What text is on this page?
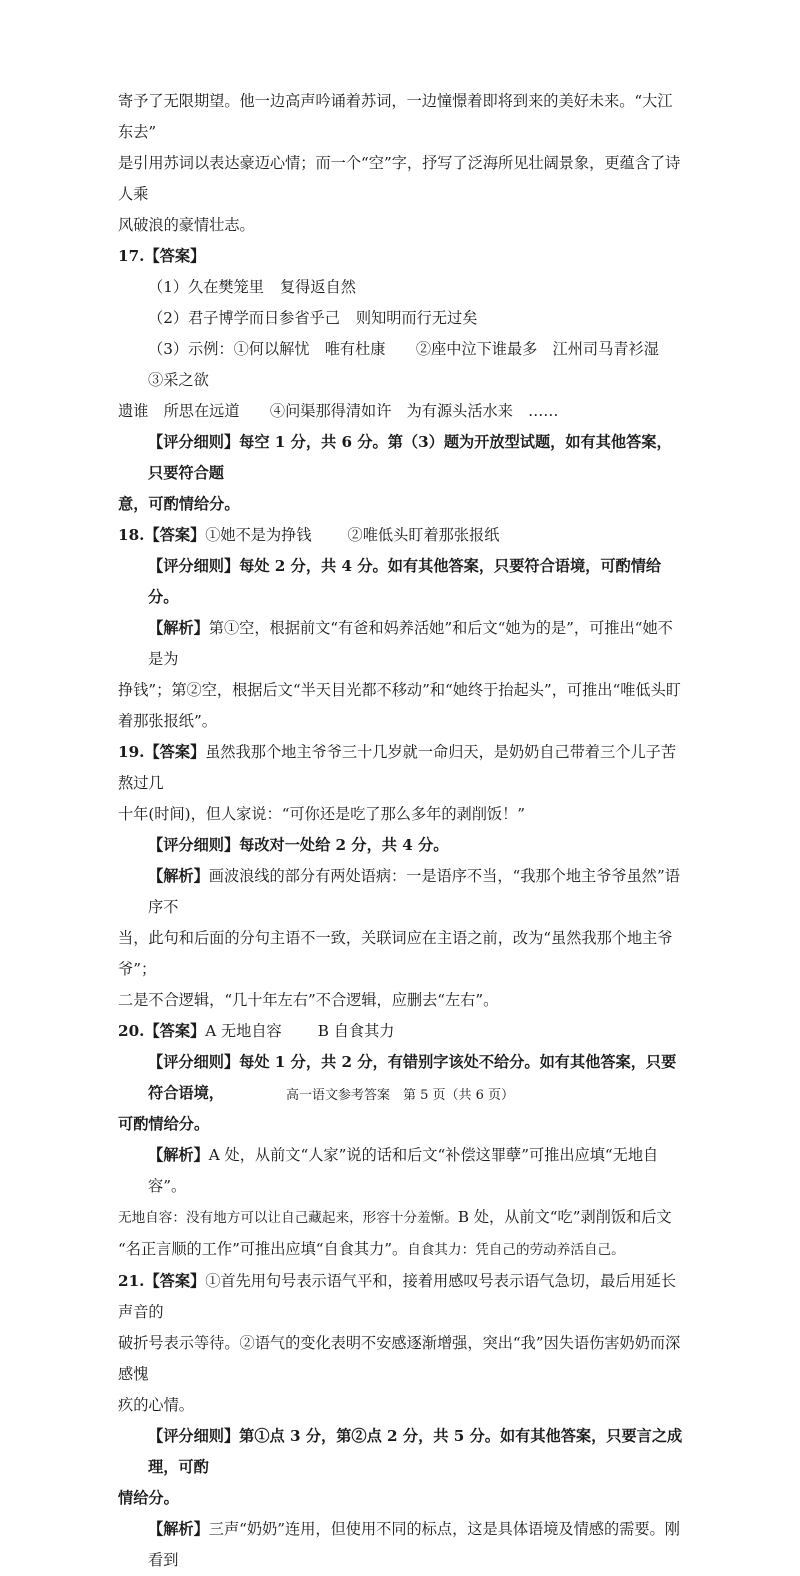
寄予了无限期望。他一边高声吟诵着苏词，一边憧憬着即将到来的美好未来。“大江东去”

是引用苏词以表达豪迈心情；而一个“空”字，抒写了泛海所见壮阔景象，更蕴含了诗人乘

风破浪的豪情壮志。

17.【答案】

（1）久在樊笼里 复得返自然

（2）君子博学而日参省乎己 则知明而行无过矣

（3）示例：①何以解忧　唯有杜康　　②座中泣下谁最多　江州司马青衫湿　　③采之欲

遗谁　所思在远道　　④问渠那得清如许　为有源头活水来　……

【评分细则】每空 1 分，共 6 分。第（3）题为开放型试题，如有其他答案，只要符合题

意，可酌情给分。

18.【答案】①她不是为挣钱 ②唯低头盯着那张报纸

【评分细则】每处 2 分，共 4 分。如有其他答案，只要符合语境，可酌情给分。

【解析】第①空，根据前文“有爸和妈养活她”和后文“她为的是”，可推出“她不是为

挣钱”；第②空，根据后文“半天目光都不移动”和“她终于抬起头”，可推出“唯低头盯

着那张报纸”。

19.【答案】虽然我那个地主爷爷三十几岁就一命归天，是奶奶自己带着三个儿子苦熬过几

十年(时间)，但人家说：“可你还是吃了那么多年的剥削饭！”

【评分细则】每改对一处给 2 分，共 4 分。

【解析】画波浪线的部分有两处语病：一是语序不当，“我那个地主爷爷虽然”语序不

当，此句和后面的分句主语不一致，关联词应在主语之前，改为“虽然我那个地主爷爷”；

二是不合逻辑，“几十年左右”不合逻辑，应删去“左右”。

20.【答案】A 无地自容 B 自食其力

【评分细则】每处 1 分，共 2 分，有错别字该处不给分。如有其他答案，只要符合语境，

可酌情给分。

【解析】A 处，从前文“人家”说的话和后文“补偿这罪孽”可推出应填“无地自容”。

无地自容：没有地方可以让自己藏起来，形容十分羞惭。B 处，从前文“吃”剥削饭和后文

“名正言顺的工作”可推出应填“自食其力”。自食其力：凭自己的劳动养活自己。

21.【答案】①首先用句号表示语气平和，接着用感叹号表示语气急切，最后用延长声音的

破折号表示等待。②语气的变化表明不安感逐渐增强，突出“我”因失语伤害奶奶而深感愧

疚的心情。

【评分细则】第①点 3 分，第②点 2 分，共 5 分。如有其他答案，只要言之成理，可酌

情给分。

【解析】三声“奶奶”连用，但使用不同的标点，这是具体语境及情感的需要。刚看到

高一语文参考答案　第 5 页（共 6 页）
